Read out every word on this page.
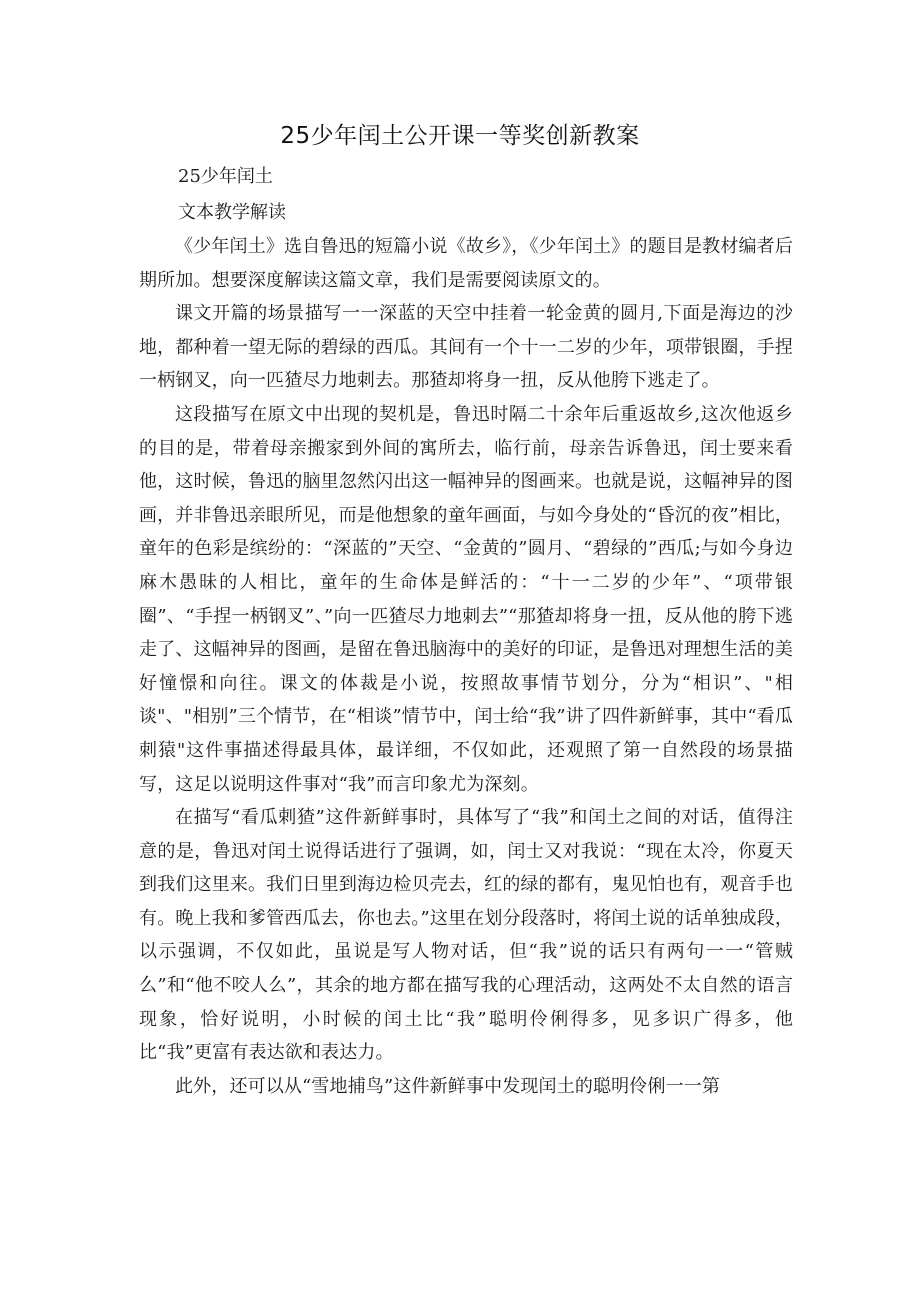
25少年闰土公开课一等奖创新教案
25少年闰土
文本教学解读

《少年闰土》选自鲁迅的短篇小说《故乡》，《少年闰土》的题目是教材编者后期所加。想要深度解读这篇文章，我们是需要阅读原文的。

课文开篇的场景描写一一深蓝的天空中挂着一轮金黄的圆月,下面是海边的沙地，都种着一望无际的碧绿的西瓜。其间有一个十一二岁的少年，项带银圈，手捏一柄钢叉，向一匹猹尽力地刺去。那猹却将身一扭，反从他胯下逃走了。

这段描写在原文中出现的契机是，鲁迅时隔二十余年后重返故乡,这次他返乡的目的是，带着母亲搬家到外间的寓所去，临行前，母亲告诉鲁迅，闰士要来看他，这时候，鲁迅的脑里忽然闪出这一幅神异的图画来。也就是说，这幅神异的图画，并非鲁迅亲眼所见，而是他想象的童年画面，与如今身处的“昏沉的夜”相比，童年的色彩是缤纷的：“深蓝的”天空、“金黄的”圆月、“碧绿的”西瓜;与如今身边麻木愚昧的人相比，童年的生命体是鲜活的：“十一二岁的少年”、“项带银圈”、“手捏一柄钢叉”、”向一匹猹尽力地刺去”“那猹却将身一扭，反从他的胯下逃走了、这幅神异的图画，是留在鲁迅脑海中的美好的印证，是鲁迅对理想生活的美好憧憬和向往。课文的体裁是小说，按照故事情节划分，分为“相识”、"相谈"、"相别”三个情节，在“相谈”情节中，闰士给“我”讲了四件新鲜事，其中“看瓜刺猿"这件事描述得最具体，最详细，不仅如此，还观照了第一自然段的场景描写，这足以说明这件事对“我”而言印象尤为深刻。

在描写“看瓜剌猹”这件新鲜事时，具体写了“我”和闰土之间的对话，值得注意的是，鲁迅对闰土说得话进行了强调，如，闰士又对我说：“现在太冷，你夏天到我们这里来。我们日里到海边检贝壳去，红的绿的都有，鬼见怕也有，观音手也有。晚上我和爹管西瓜去，你也去。”这里在划分段落时，将闰土说的话单独成段，以示强调，不仅如此，虽说是写人物对话，但“我”说的话只有两句一一“管贼么”和“他不咬人么”，其余的地方都在描写我的心理活动，这两处不太自然的语言现象，恰好说明，小时候的闰土比“我”聪明伶俐得多，见多识广得多，他比“我”更富有表达欲和表达力。

此外，还可以从“雪地捕鸟”这件新鲜事中发现闰土的聪明伶俐一一第
